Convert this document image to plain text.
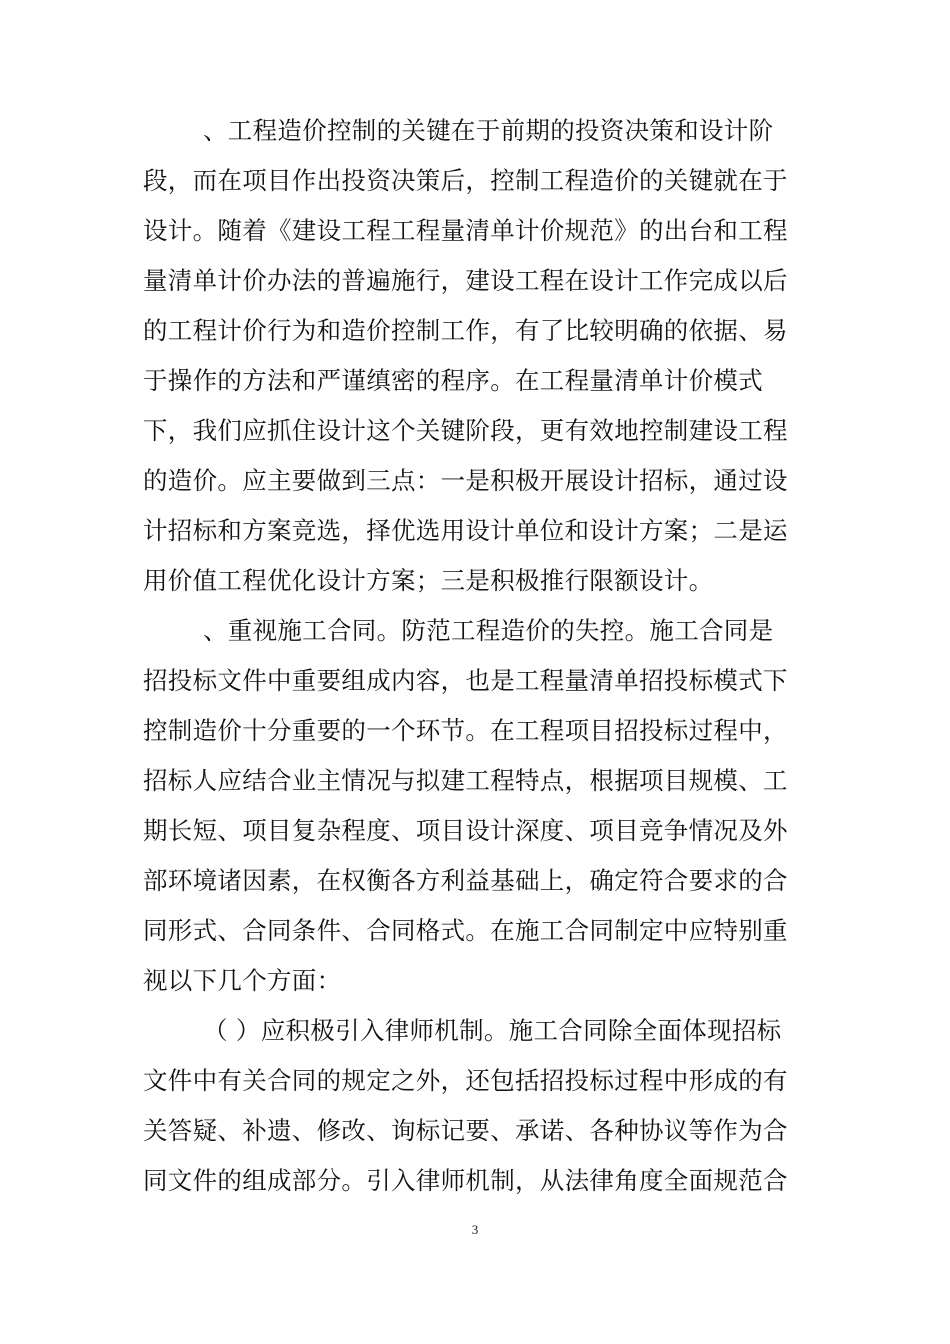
、工程造价控制的关键在于前期的投资决策和设计阶
段，而在项目作出投资决策后，控制工程造价的关键就在于
设计。随着《建设工程工程量清单计价规范》的出台和工程
量清单计价办法的普遍施行，建设工程在设计工作完成以后
的工程计价行为和造价控制工作，有了比较明确的依据、易
于操作的方法和严谨缜密的程序。在工程量清单计价模式
下，我们应抓住设计这个关键阶段，更有效地控制建设工程
的造价。应主要做到三点：一是积极开展设计招标，通过设
计招标和方案竞选，择优选用设计单位和设计方案；二是运
用价值工程优化设计方案；三是积极推行限额设计。
、重视施工合同。防范工程造价的失控。施工合同是
招投标文件中重要组成内容，也是工程量清单招投标模式下
控制造价十分重要的一个环节。在工程项目招投标过程中，
招标人应结合业主情况与拟建工程特点，根据项目规模、工
期长短、项目复杂程度、项目设计深度、项目竞争情况及外
部环境诸因素，在权衡各方利益基础上，确定符合要求的合
同形式、合同条件、合同格式。在施工合同制定中应特别重
视以下几个方面：
（ ）应积极引入律师机制。施工合同除全面体现招标
文件中有关合同的规定之外，还包括招投标过程中形成的有
关答疑、补遗、修改、询标记要、承诺、各种协议等作为合
同文件的组成部分。引入律师机制，从法律角度全面规范合
3
